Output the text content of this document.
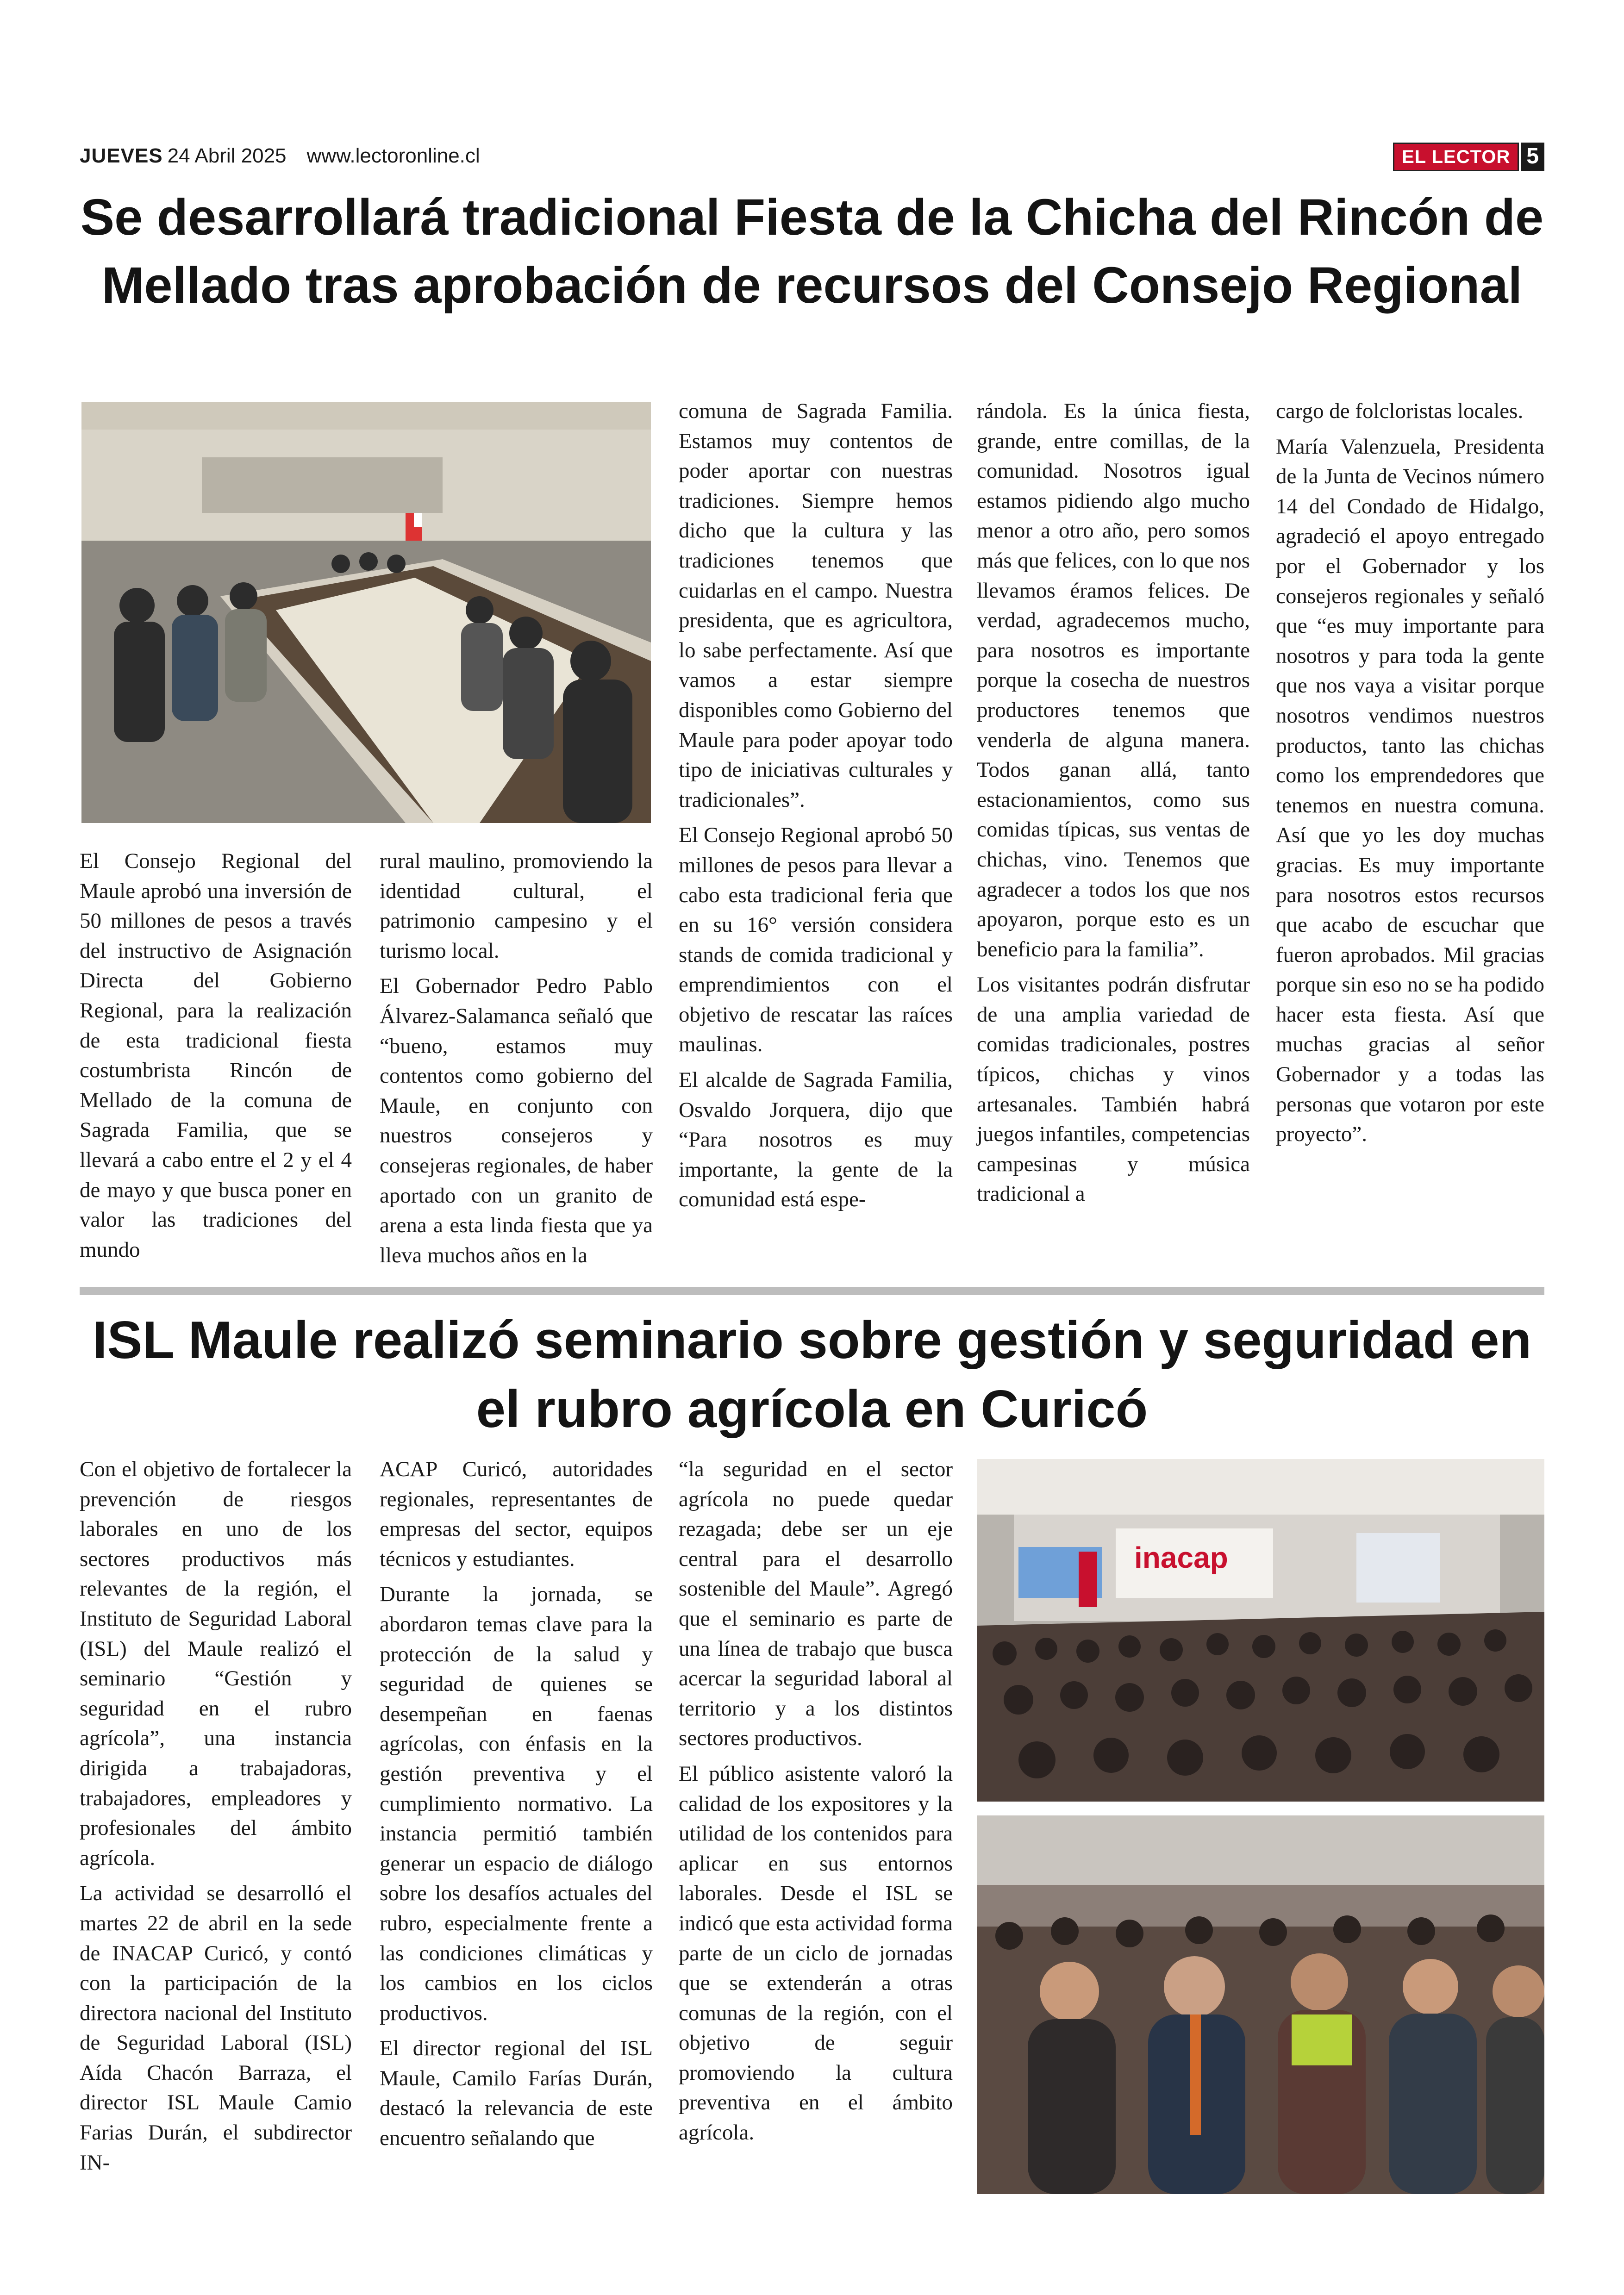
JUEVES 24 Abril 2025 www.lectoronline.cl	EL LECTOR 5
Se desarrollará tradicional Fiesta de la Chicha del Rincón de Mellado tras aprobación de recursos del Consejo Regional

El Consejo Regional del Maule aprobó una inversión de 50 millones de pesos a través del instructivo de Asignación Directa del Gobierno Regional, para la realización de esta tradicional fiesta costumbrista Rincón de Mellado de la comuna de Sagrada Familia, que se llevará a cabo entre el 2 y el 4 de mayo y que busca poner en valor las tradiciones del mundo

rural maulino, promoviendo la identidad cultural, el patrimonio campesino y el turismo local.

El Gobernador Pedro Pablo Álvarez-Salamanca señaló que “bueno, estamos muy contentos como gobierno del Maule, en conjunto con nuestros consejeros y consejeras regionales, de haber aportado con un granito de arena a esta linda fiesta que ya lleva muchos años en la

comuna de Sagrada Familia. Estamos muy contentos de poder aportar con nuestras tradiciones. Siempre hemos dicho que la cultura y las tradiciones tenemos que cuidarlas en el campo. Nuestra presidenta, que es agricultora, lo sabe perfectamente. Así que vamos a estar siempre disponibles como Gobierno del Maule para poder apoyar todo tipo de iniciativas culturales y tradicionales”.

El Consejo Regional aprobó 50 millones de pesos para llevar a cabo esta tradicional feria que en su 16° versión considera stands de comida tradicional y emprendimientos con el objetivo de rescatar las raíces maulinas.

El alcalde de Sagrada Familia, Osvaldo Jorquera, dijo que “Para nosotros es muy importante, la gente de la comunidad está espe-

rándola. Es la única fiesta, grande, entre comillas, de la comunidad. Nosotros igual estamos pidiendo algo mucho menor a otro año, pero somos más que felices, con lo que nos llevamos éramos felices. De verdad, agradecemos mucho, para nosotros es importante porque la cosecha de nuestros productores tenemos que venderla de alguna manera. Todos ganan allá, tanto estacionamientos, como sus comidas típicas, sus ventas de chichas, vino. Tenemos que agradecer a todos los que nos apoyaron, porque esto es un beneficio para la familia”.

Los visitantes podrán disfrutar de una amplia variedad de comidas tradicionales, postres típicos, chichas y vinos artesanales. También habrá juegos infantiles, competencias campesinas y música tradicional a

cargo de folcloristas locales.

María Valenzuela, Presidenta de la Junta de Vecinos número 14 del Condado de Hidalgo, agradeció el apoyo entregado por el Gobernador y los consejeros regionales y señaló que “es muy importante para nosotros y para toda la gente que nos vaya a visitar porque nosotros vendimos nuestros productos, tanto las chichas como los emprendedores que tenemos en nuestra comuna. Así que yo les doy muchas gracias. Es muy importante para nosotros estos recursos que acabo de escuchar que fueron aprobados. Mil gracias porque sin eso no se ha podido hacer esta fiesta. Así que muchas gracias al señor Gobernador y a todas las personas que votaron por este proyecto”.

ISL Maule realizó seminario sobre gestión y seguridad en el rubro agrícola en Curicó

Con el objetivo de fortalecer la prevención de riesgos laborales en uno de los sectores productivos más relevantes de la región, el Instituto de Seguridad Laboral (ISL) del Maule realizó el seminario “Gestión y seguridad en el rubro agrícola”, una instancia dirigida a trabajadoras, trabajadores, empleadores y profesionales del ámbito agrícola.

La actividad se desarrolló el martes 22 de abril en la sede de INACAP Curicó, y contó con la participación de la directora nacional del Instituto de Seguridad Laboral (ISL) Aída Chacón Barraza, el director ISL Maule Camio Farias Durán, el subdirector IN-

ACAP Curicó, autoridades regionales, representantes de empresas del sector, equipos técnicos y estudiantes.

Durante la jornada, se abordaron temas clave para la protección de la salud y seguridad de quienes se desempeñan en faenas agrícolas, con énfasis en la gestión preventiva y el cumplimiento normativo. La instancia permitió también generar un espacio de diálogo sobre los desafíos actuales del rubro, especialmente frente a las condiciones climáticas y los cambios en los ciclos productivos.

El director regional del ISL Maule, Camilo Farías Durán, destacó la relevancia de este encuentro señalando que

“la seguridad en el sector agrícola no puede quedar rezagada; debe ser un eje central para el desarrollo sostenible del Maule”. Agregó que el seminario es parte de una línea de trabajo que busca acercar la seguridad laboral al territorio y a los distintos sectores productivos.

El público asistente valoró la calidad de los expositores y la utilidad de los contenidos para aplicar en sus entornos laborales. Desde el ISL se indicó que esta actividad forma parte de un ciclo de jornadas que se extenderán a otras comunas de la región, con el objetivo de seguir promoviendo la cultura preventiva en el ámbito agrícola.

inacap
